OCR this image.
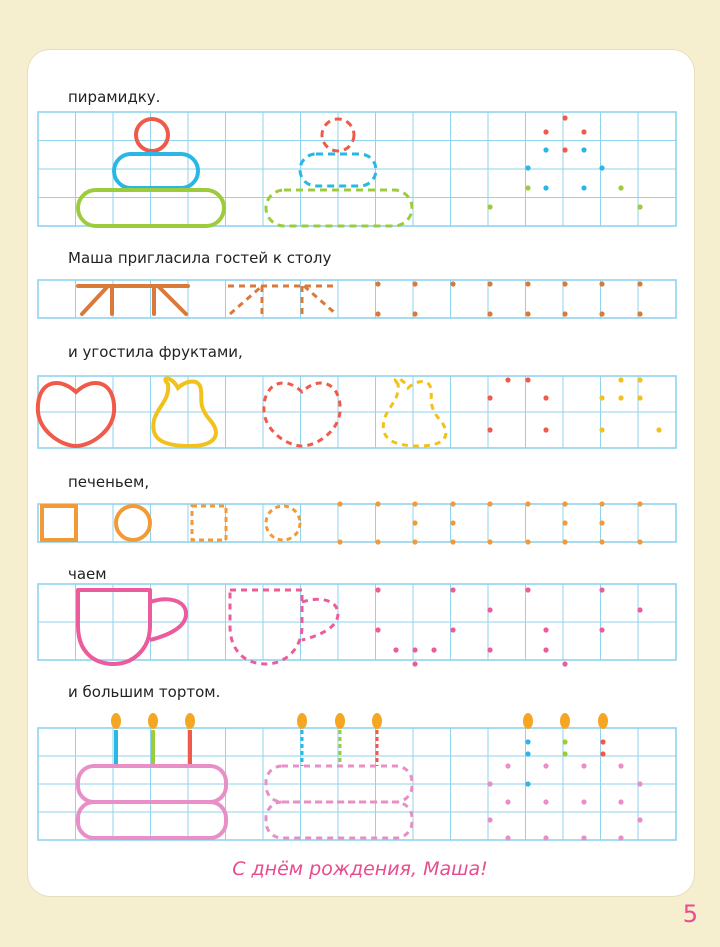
пирамидку.
Маша пригласила гостей к столу
и угостила фруктами,
печеньем,
чаем
и большим тортом.
С днём рождения, Маша!
5
